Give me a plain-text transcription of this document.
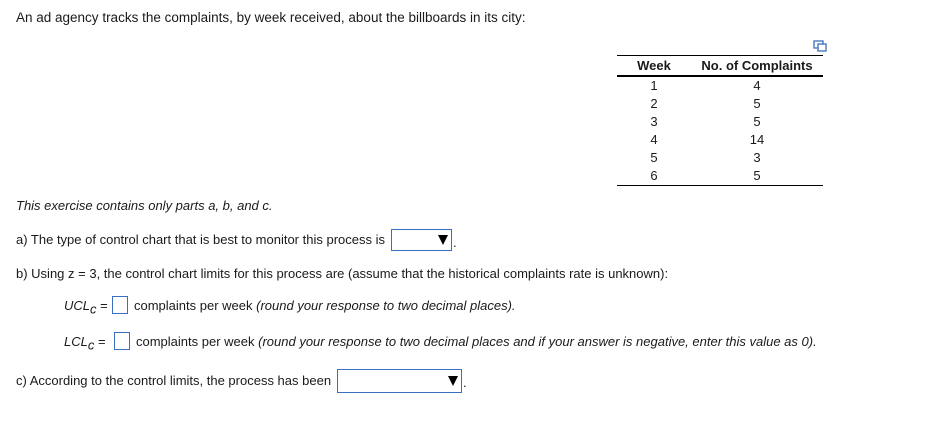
An ad agency tracks the complaints, by week received, about the billboards in its city:
Week	No. of Complaints
1	4
2	5
3	5
4	14
5	3
6	5
This exercise contains only parts a, b, and c.
a) The type of control chart that is best to monitor this process is	.
b) Using z = 3, the control chart limits for this process are (assume that the historical complaints rate is unknown):
$UCL_c$ = complaints per week (round your response to two decimal places).
$LCL_c$ = complaints per week (round your response to two decimal places and if your answer is negative, enter this value as 0).
c) According to the control limits, the process has been	.
